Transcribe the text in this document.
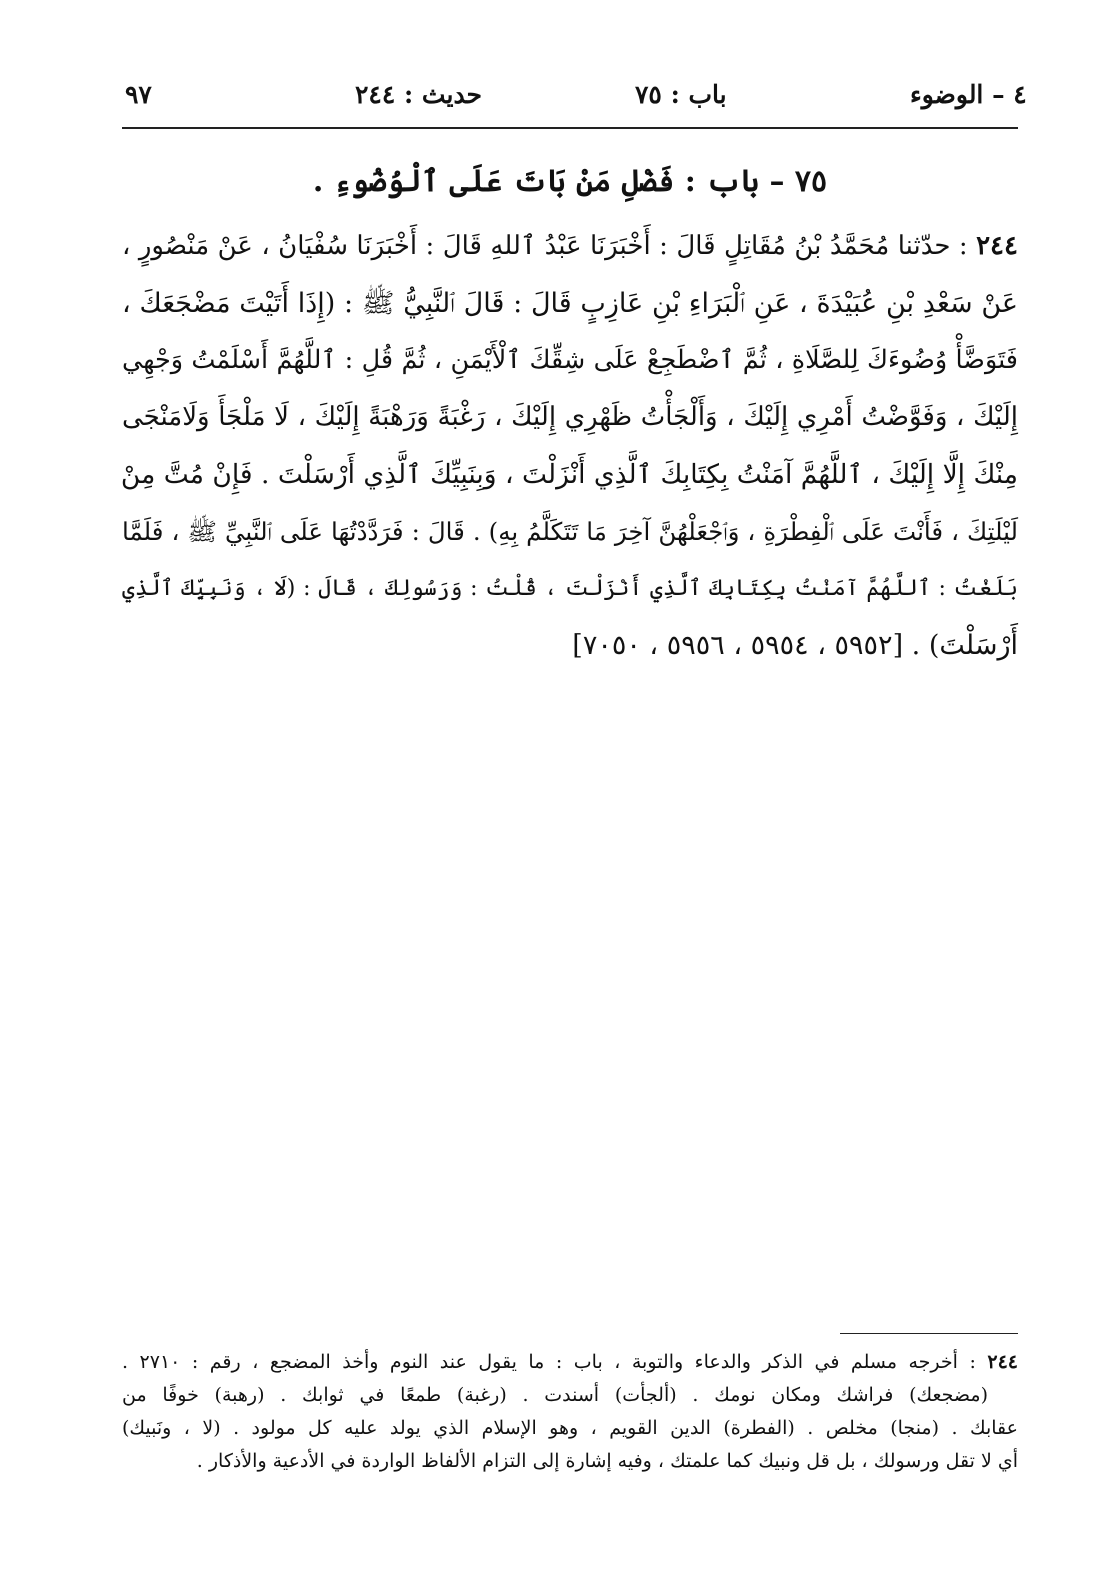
٩٧	حديث : ٢٤٤	باب : ٧٥	٤ – الوضوء
٧٥ – باب : فَضْلِ مَنْ بَاتَ عَلَى ٱلْوُضُوءِ .
٢٤٤ : حدّثنا مُحَمَّدُ بْنُ مُقَاتِلٍ قَالَ : أَخْبَرَنَا عَبْدُ ٱللهِ قَالَ : أَخْبَرَنَا سُفْيَانُ ، عَنْ مَنْصُورٍ ،
عَنْ سَعْدِ بْنِ عُبَيْدَةَ ، عَنِ ٱلْبَرَاءِ بْنِ عَازِبٍ قَالَ : قَالَ ٱلنَّبِيُّ ﷺ : (إِذَا أَتَيْتَ مَضْجَعَكَ ،
فَتَوَضَّأْ وُضُوءَكَ لِلصَّلَاةِ ، ثُمَّ ٱضْطَجِعْ عَلَى شِقِّكَ ٱلْأَيْمَنِ ، ثُمَّ قُلِ : ٱللَّهُمَّ أَسْلَمْتُ وَجْهِي
إِلَيْكَ ، وَفَوَّضْتُ أَمْرِي إِلَيْكَ ، وَأَلْجَأْتُ ظَهْرِي إِلَيْكَ ، رَغْبَةً وَرَهْبَةً إِلَيْكَ ، لَا مَلْجَأَ وَلَامَنْجَى
مِنْكَ إِلَّا إِلَيْكَ ، ٱللَّهُمَّ آمَنْتُ بِكِتَابِكَ ٱلَّذِي أَنْزَلْتَ ، وَبِنَبِيِّكَ ٱلَّذِي أَرْسَلْتَ . فَإِنْ مُتَّ مِنْ
لَيْلَتِكَ ، فَأَنْتَ عَلَى ٱلْفِطْرَةِ ، وَٱجْعَلْهُنَّ آخِرَ مَا تَتَكَلَّمُ بِهِ) . قَالَ : فَرَدَّدْتُهَا عَلَى ٱلنَّبِيِّ ﷺ ، فَلَمَّا
بَلَغْتُ : ٱللَّهُمَّ آمَنْتُ بِكِتَابِكَ ٱلَّذِي أَنْزَلْتَ ، قُلْتُ : وَرَسُولِكَ ، قَالَ : (لَا ، وَنَبِيِّكَ ٱلَّذِي
أَرْسَلْتَ) . [٥٩٥٢ ، ٥٩٥٤ ، ٥٩٥٦ ، ٧٠٥٠]
٢٤٤ : أخرجه مسلم في الذكر والدعاء والتوبة ، باب : ما يقول عند النوم وأخذ المضجع ، رقم : ٢٧١٠ .
(مضجعك) فراشك ومكان نومك . (ألجأت) أسندت . (رغبة) طمعًا في ثوابك . (رهبة) خوفًا من
عقابك . (منجا) مخلص . (الفطرة) الدين القويم ، وهو الإسلام الذي يولد عليه كل مولود . (لا ، ونَبيك)
أي لا تقل ورسولك ، بل قل ونبيك كما علمتك ، وفيه إشارة إلى التزام الألفاظ الواردة في الأدعية والأذكار .
